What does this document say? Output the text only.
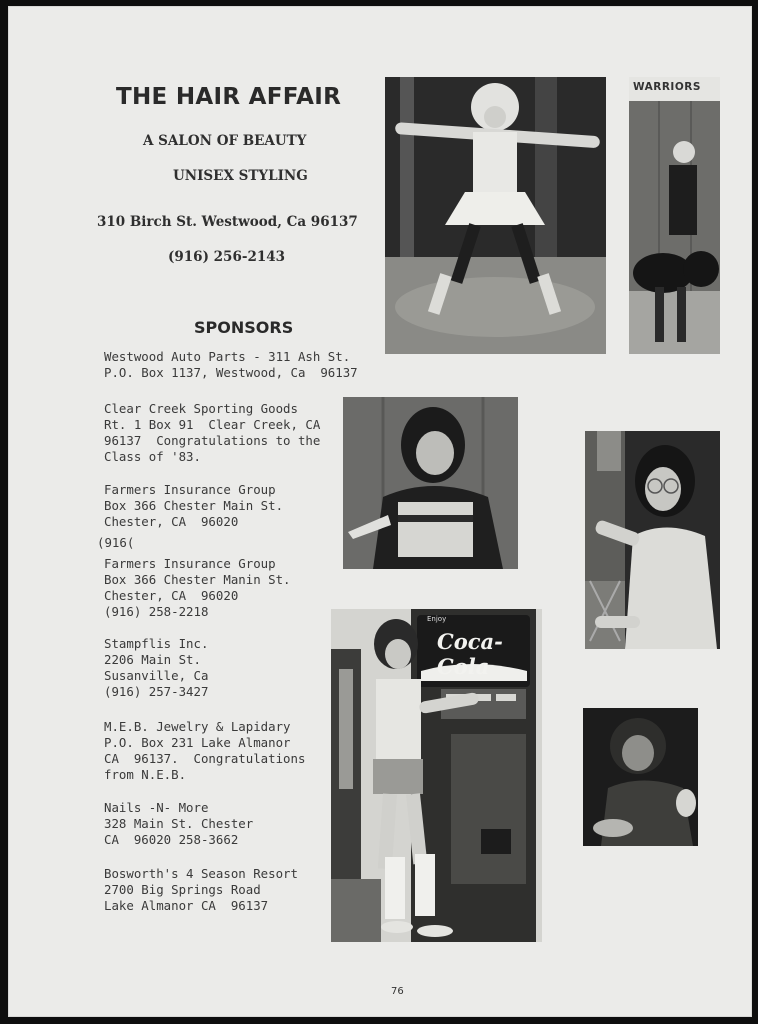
THE HAIR AFFAIR
A SALON OF BEAUTY
UNISEX STYLING
310 Birch St. Westwood, Ca 96137
(916) 256-2143
SPONSORS
Westwood Auto Parts - 311 Ash St.
P.O. Box 1137, Westwood, Ca  96137
Clear Creek Sporting Goods
Rt. 1 Box 91  Clear Creek, CA
96137  Congratulations to the
Class of '83.
Farmers Insurance Group
Box 366 Chester Main St.
Chester, CA  96020
(916(
Farmers Insurance Group
Box 366 Chester Manin St.
Chester, CA  96020
(916) 258-2218
Stampflis Inc.
2206 Main St.
Susanville, Ca
(916) 257-3427
M.E.B. Jewelry & Lapidary
P.O. Box 231 Lake Almanor
CA  96137.  Congratulations
from N.E.B.
Nails -N- More
328 Main St. Chester
CA  96020 258-3662
Bosworth's 4 Season Resort
2700 Big Springs Road
Lake Almanor CA  96137
WARRIORS
Enjoy
Coca-Cola
76
